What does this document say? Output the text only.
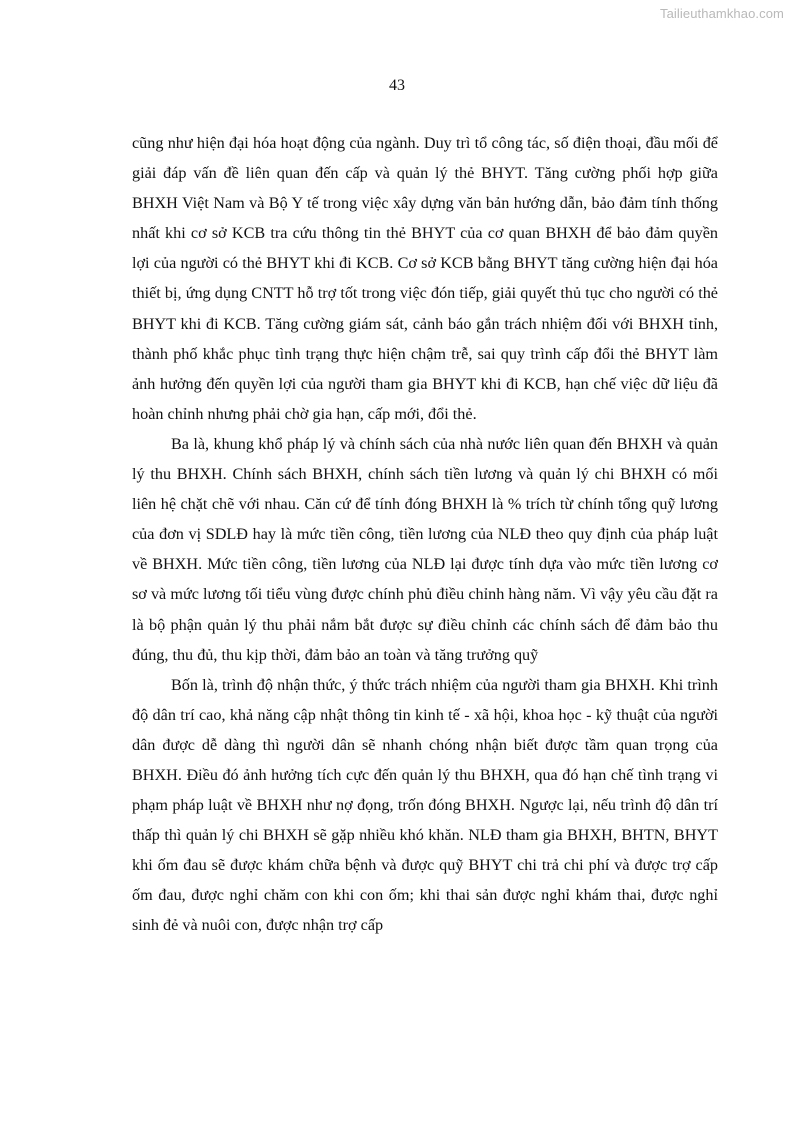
Tailieuthamkhao.com
43

cũng như hiện đại hóa hoạt động của ngành. Duy trì tổ công tác, số điện thoại, đầu mối để giải đáp vấn đề liên quan đến cấp và quản lý thẻ BHYT. Tăng cường phối hợp giữa BHXH Việt Nam và Bộ Y tế trong việc xây dựng văn bản hướng dẫn, bảo đảm tính thống nhất khi cơ sở KCB tra cứu thông tin thẻ BHYT của cơ quan BHXH để bảo đảm quyền lợi của người có thẻ BHYT khi đi KCB. Cơ sở KCB bằng BHYT tăng cường hiện đại hóa thiết bị, ứng dụng CNTT hỗ trợ tốt trong việc đón tiếp, giải quyết thủ tục cho người có thẻ BHYT khi đi KCB. Tăng cường giám sát, cảnh báo gắn trách nhiệm đối với BHXH tỉnh, thành phố khắc phục tình trạng thực hiện chậm trễ, sai quy trình cấp đổi thẻ BHYT làm ảnh hưởng đến quyền lợi của người tham gia BHYT khi đi KCB, hạn chế việc dữ liệu đã hoàn chỉnh nhưng phải chờ gia hạn, cấp mới, đổi thẻ.

Ba là, khung khổ pháp lý và chính sách của nhà nước liên quan đến BHXH và quản lý thu BHXH. Chính sách BHXH, chính sách tiền lương và quản lý chi BHXH có mối liên hệ chặt chẽ với nhau. Căn cứ để tính đóng BHXH là % trích từ chính tổng quỹ lương của đơn vị SDLĐ hay là mức tiền công, tiền lương của NLĐ theo quy định của pháp luật về BHXH. Mức tiền công, tiền lương của NLĐ lại được tính dựa vào mức tiền lương cơ sơ và mức lương tối tiểu vùng được chính phủ điều chỉnh hàng năm. Vì vậy yêu cầu đặt ra là bộ phận quản lý thu phải nắm bắt được sự điều chỉnh các chính sách để đảm bảo thu đúng, thu đủ, thu kịp thời, đảm bảo an toàn và tăng trưởng quỹ

Bốn là, trình độ nhận thức, ý thức trách nhiệm của người tham gia BHXH. Khi trình độ dân trí cao, khả năng cập nhật thông tin kinh tế - xã hội, khoa học - kỹ thuật của người dân được dễ dàng thì người dân sẽ nhanh chóng nhận biết được tầm quan trọng của BHXH. Điều đó ảnh hưởng tích cực đến quản lý thu BHXH, qua đó hạn chế tình trạng vi phạm pháp luật về BHXH như nợ đọng, trốn đóng BHXH. Ngược lại, nếu trình độ dân trí thấp thì quản lý chi BHXH sẽ gặp nhiều khó khăn. NLĐ tham gia BHXH, BHTN, BHYT khi ốm đau sẽ được khám chữa bệnh và được quỹ BHYT chi trả chi phí và được trợ cấp ốm đau, được nghỉ chăm con khi con ốm; khi thai sản được nghỉ khám thai, được nghỉ sinh đẻ và nuôi con, được nhận trợ cấp
